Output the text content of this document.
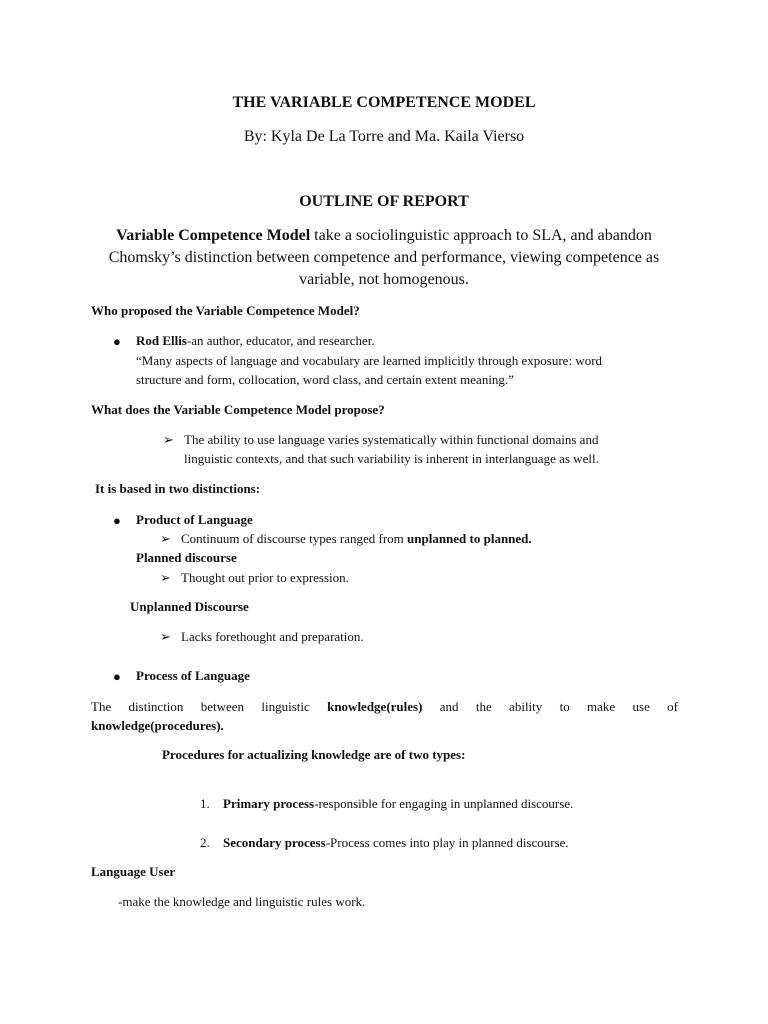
THE VARIABLE COMPETENCE MODEL
By: Kyla De La Torre and Ma. Kaila Vierso
OUTLINE OF REPORT
Variable Competence Model take a sociolinguistic approach to SLA, and abandon Chomsky’s distinction between competence and performance, viewing competence as variable, not homogenous.
Who proposed the Variable Competence Model?
● Rod Ellis-an author, educator, and researcher.
“Many aspects of language and vocabulary are learned implicitly through exposure: word
structure and form, collocation, word class, and certain extent meaning.”
What does the Variable Competence Model propose?
➢ The ability to use language varies systematically within functional domains and
linguistic contexts, and that such variability is inherent in interlanguage as well.
It is based in two distinctions:
● Product of Language
➢ Continuum of discourse types ranged from unplanned to planned.
Planned discourse
➢ Thought out prior to expression.
Unplanned Discourse
➢ Lacks forethought and preparation.
● Process of Language
The distinction between linguistic knowledge(rules) and the ability to make use of
knowledge(procedures).
Procedures for actualizing knowledge are of two types:
1. Primary process-responsible for engaging in unplanned discourse.
2. Secondary process-Process comes into play in planned discourse.
Language User
-make the knowledge and linguistic rules work.
